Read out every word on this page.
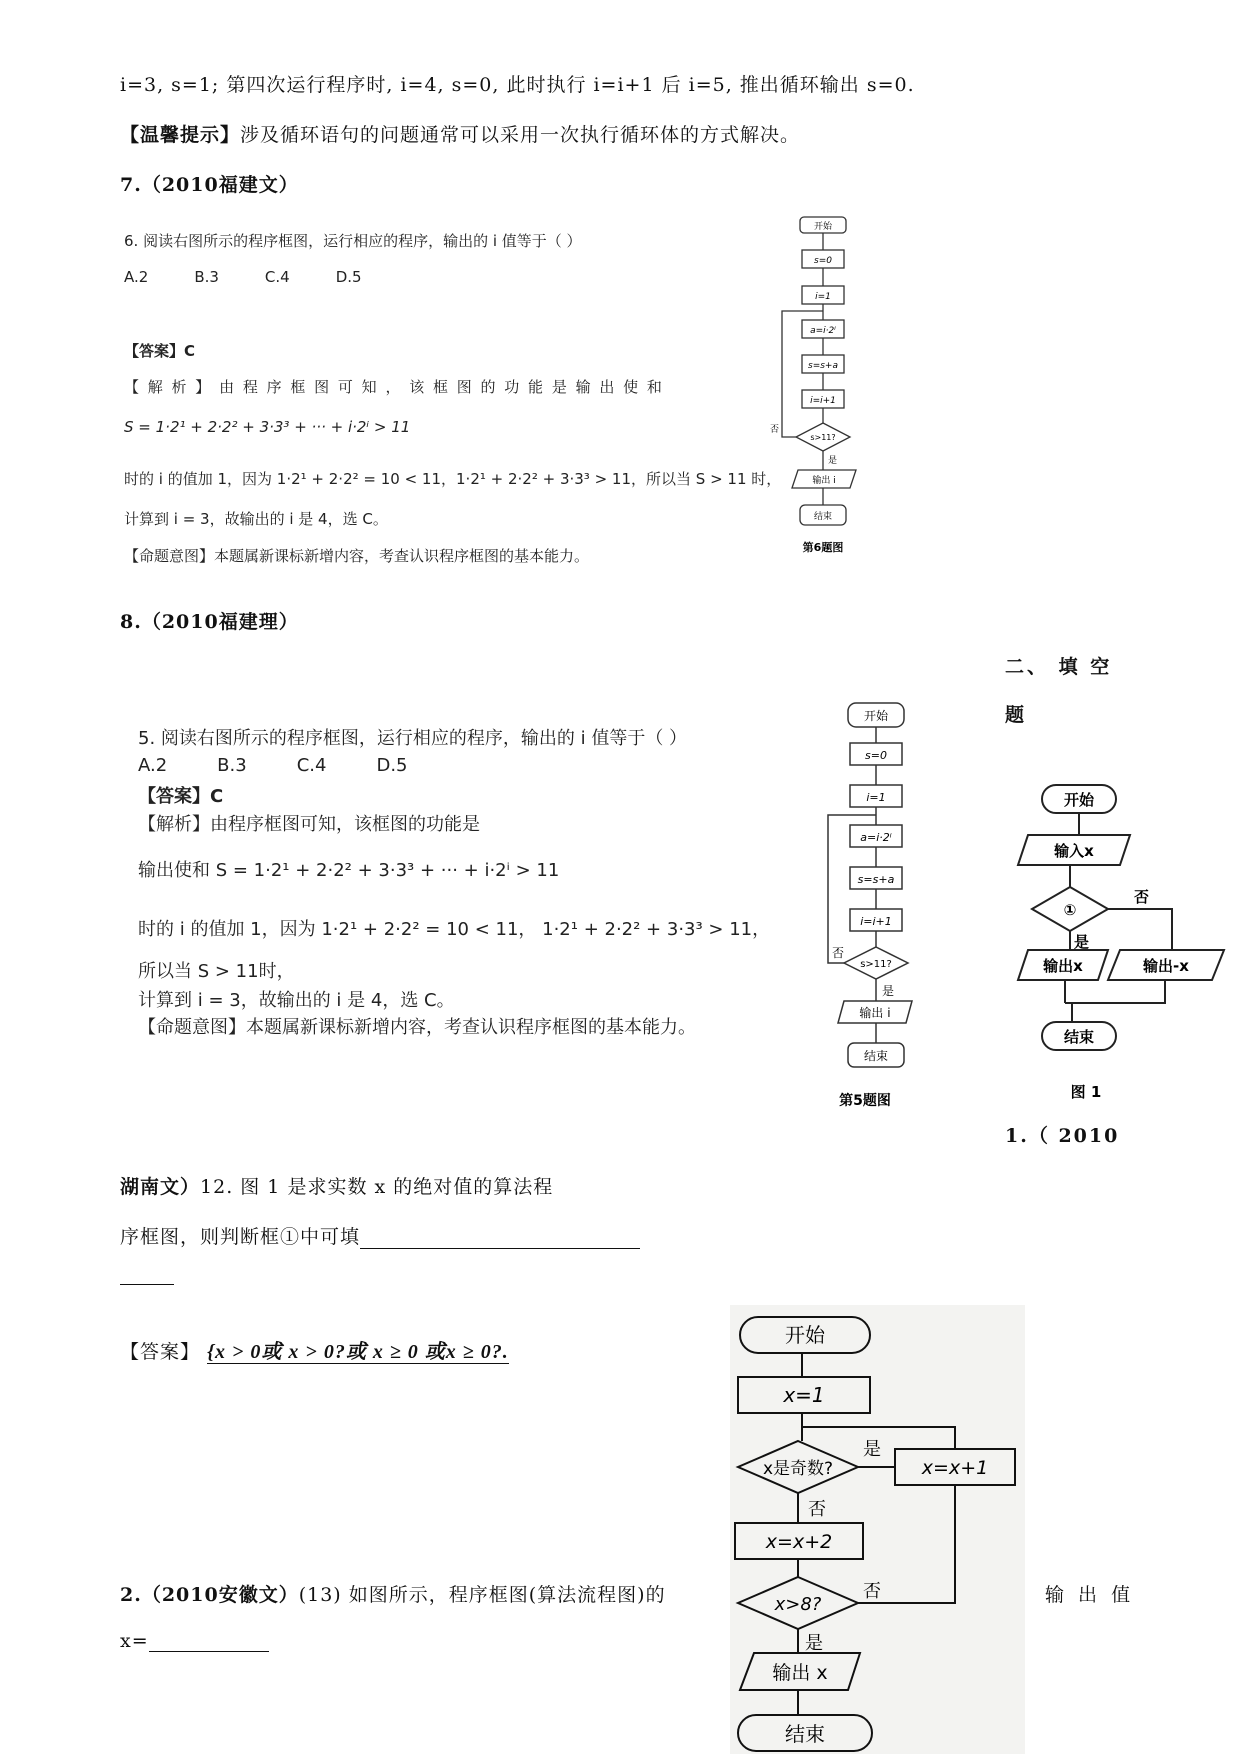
i=3, s=1; 第四次运行程序时, i=4, s=0, 此时执行 i=i+1 后 i=5, 推出循环输出 s=0.
【温馨提示】涉及循环语句的问题通常可以采用一次执行循环体的方式解决。
7.（2010福建文）
6. 阅读右图所示的程序框图，运行相应的程序，输出的 i 值等于（ ）
A.2	B.3	C.4	D.5
【答案】C
【 解 析 】 由 程 序 框 图 可 知 ， 该 框 图 的 功 能 是 输 出 使 和
S = 1·2¹ + 2·2² + 3·3³ + ··· + i·2ⁱ > 11
时的 i 的值加 1，因为 1·2¹ + 2·2² = 10 < 11，1·2¹ + 2·2² + 3·3³ > 11，所以当 S > 11 时，
计算到 i = 3，故输出的 i 是 4，选 C。
【命题意图】本题属新课标新增内容，考查认识程序框图的基本能力。
开始
s=0
i=1
a=i·2ⁱ
s=s+a
i=i+1
s>11?
否
是
输出 i
结束
第6题图
8.（2010福建理）
5. 阅读右图所示的程序框图，运行相应的程序，输出的 i 值等于（ ）
A.2	B.3	C.4	D.5
【答案】C
【解析】由程序框图可知，该框图的功能是
输出使和 S = 1·2¹ + 2·2² + 3·3³ + ··· + i·2ⁱ > 11
时的 i 的值加 1，因为 1·2¹ + 2·2² = 10 < 11， 1·2¹ + 2·2² + 3·3³ > 11，
所以当 S > 11时，
计算到 i = 3，故输出的 i 是 4，选 C。
【命题意图】本题属新课标新增内容，考查认识程序框图的基本能力。
开始
s=0
i=1
a=i·2ⁱ
s=s+a
i=i+1
s>11?
否
是
输出 i
结束
第5题图
二、 填 空
题
开始
输入x
①
否
是
输出x	输出-x
结束
图 1
1.（ 2010
湖南文）12. 图 1 是求实数 x 的绝对值的算法程
序框图，则判断框①中可填
【答案】 {x > 0或 x > 0?或 x ≥ 0 或x ≥ 0?.
2.（2010安徽文）(13) 如图所示，程序框图(算法流程图)的	输 出 值
x=
开始
x=1
x是奇数?
是
x=x+1
否
x=x+2
x>8?
否
是
输出 x
结束
